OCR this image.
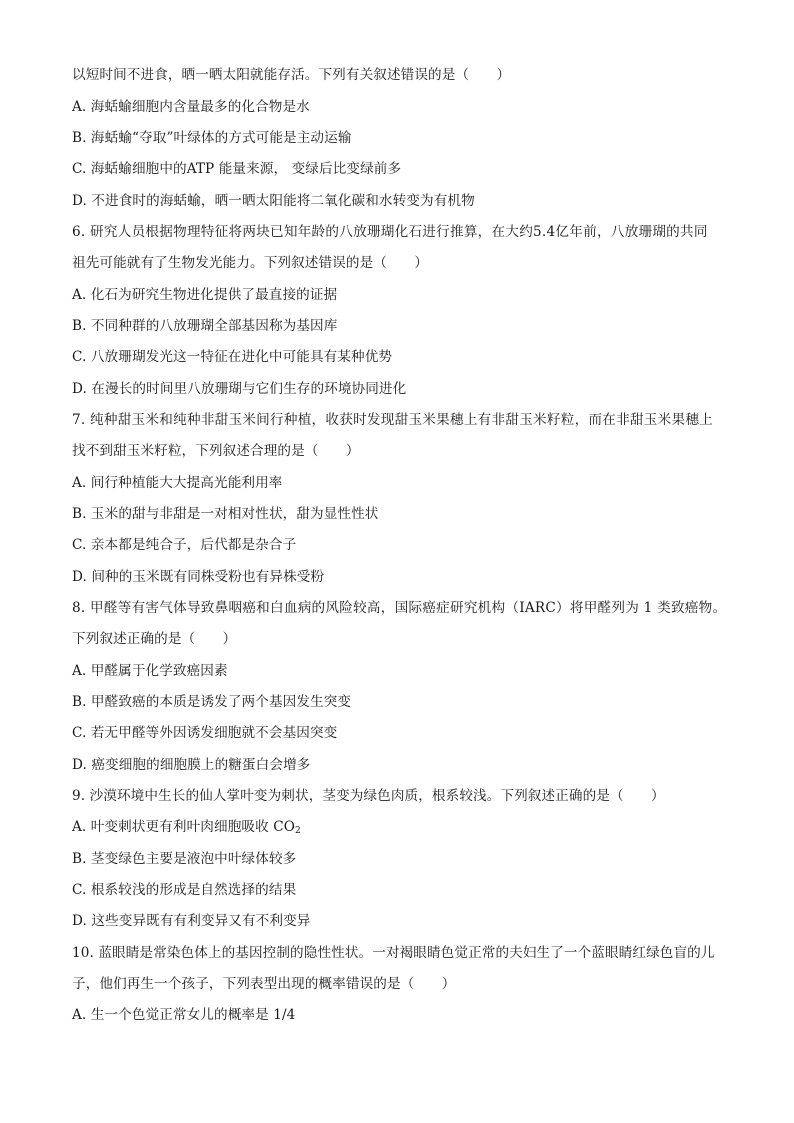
以短时间不进食，晒一晒太阳就能存活。下列有关叙述错误的是（　　）
A. 海蛞蝓细胞内含量最多的化合物是水
B. 海蛞蝓“夺取”叶绿体的方式可能是主动运输
C. 海蛞蝓细胞中的ATP 能量来源， 变绿后比变绿前多
D. 不进食时的海蛞蝓，晒一晒太阳能将二氧化碳和水转变为有机物
6. 研究人员根据物理特征将两块已知年龄的八放珊瑚化石进行推算，在大约5.4亿年前，八放珊瑚的共同
祖先可能就有了生物发光能力。下列叙述错误的是（　　）
A. 化石为研究生物进化提供了最直接的证据
B. 不同种群的八放珊瑚全部基因称为基因库
C. 八放珊瑚发光这一特征在进化中可能具有某种优势
D. 在漫长的时间里八放珊瑚与它们生存的环境协同进化
7. 纯种甜玉米和纯种非甜玉米间行种植，收获时发现甜玉米果穗上有非甜玉米籽粒，而在非甜玉米果穗上
找不到甜玉米籽粒，下列叙述合理的是（　　）
A. 间行种植能大大提高光能利用率
B. 玉米的甜与非甜是一对相对性状，甜为显性性状
C. 亲本都是纯合子，后代都是杂合子
D. 间种的玉米既有同株受粉也有异株受粉
8. 甲醛等有害气体导致鼻咽癌和白血病的风险较高，国际癌症研究机构（IARC）将甲醛列为 1 类致癌物。
下列叙述正确的是（　　）
A. 甲醛属于化学致癌因素
B. 甲醛致癌的本质是诱发了两个基因发生突变
C. 若无甲醛等外因诱发细胞就不会基因突变
D. 癌变细胞的细胞膜上的糖蛋白会增多
9. 沙漠环境中生长的仙人掌叶变为刺状，茎变为绿色肉质，根系较浅。下列叙述正确的是（　　）
A. 叶变刺状更有利叶肉细胞吸收 $CO_2$
B. 茎变绿色主要是液泡中叶绿体较多
C. 根系较浅的形成是自然选择的结果
D. 这些变异既有有利变异又有不利变异
10. 蓝眼睛是常染色体上的基因控制的隐性性状。一对褐眼睛色觉正常的夫妇生了一个蓝眼睛红绿色盲的儿
子，他们再生一个孩子，下列表型出现的概率错误的是（　　）
A. 生一个色觉正常女儿的概率是 1/4
